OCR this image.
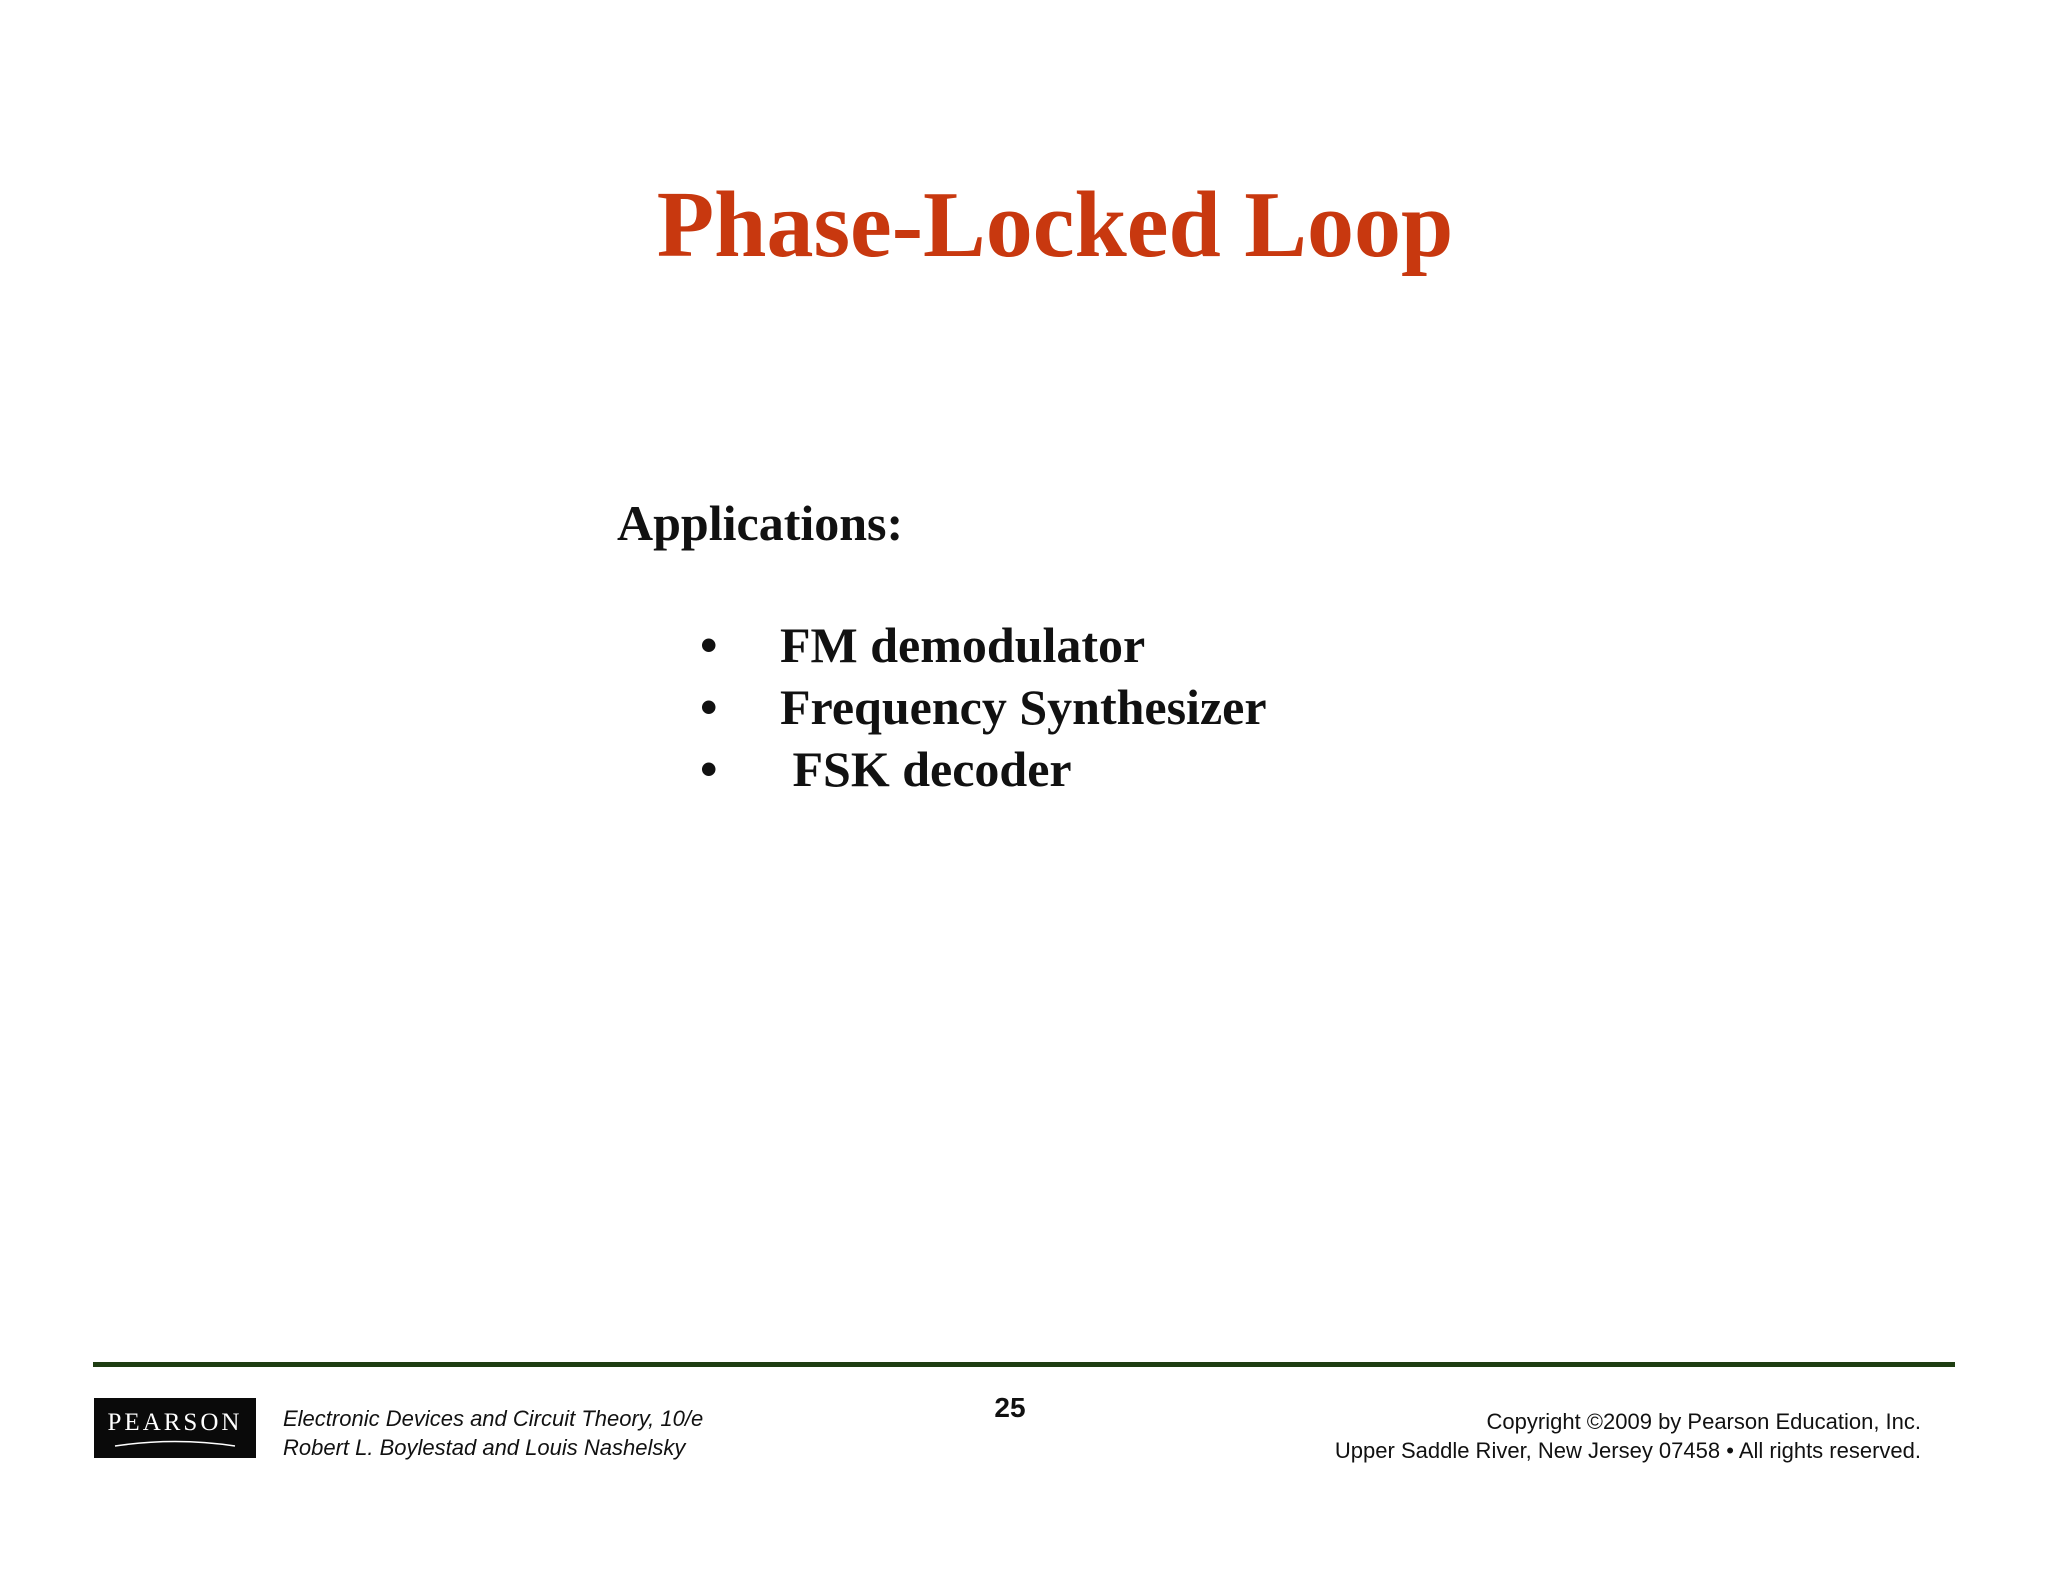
Phase-Locked Loop
Applications:

•

	FM demodulator

•

	Frequency Synthesizer

•

	FSK decoder

PEARSON Electronic Devices and Circuit Theory, 10/e
Robert L. Boylestad and Louis Nashelsky
25	Copyright ©2009 by Pearson Education, Inc.
Upper Saddle River, New Jersey 07458 • All rights reserved.
